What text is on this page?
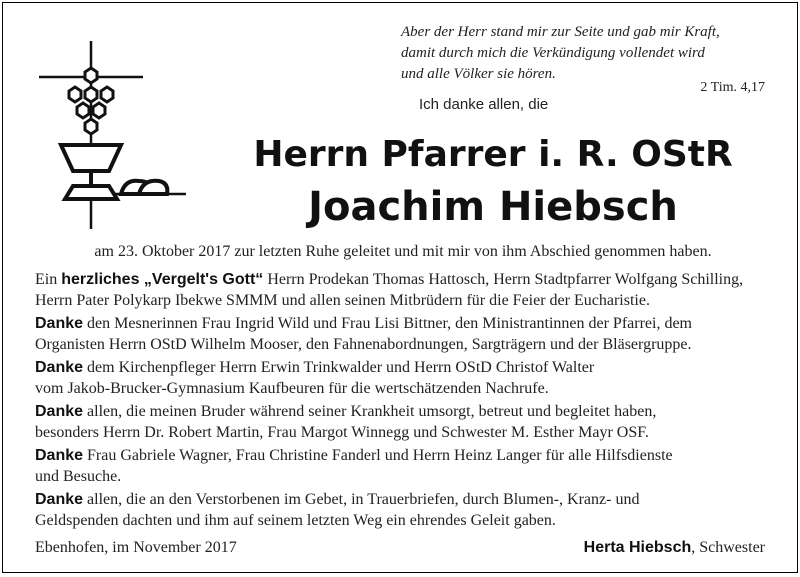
Aber der Herr stand mir zur Seite und gab mir Kraft,
damit durch mich die Verkündigung vollendet wird
und alle Völker sie hören.
2 Tim. 4,17
Ich danke allen, die
Herrn Pfarrer i. R. OStR
Joachim Hiebsch
am 23. Oktober 2017 zur letzten Ruhe geleitet und mit mir von ihm Abschied genommen haben.
Ein herzliches „Vergelt's Gott“ Herrn Prodekan Thomas Hattosch, Herrn Stadtpfarrer Wolfgang Schilling,
Herrn Pater Polykarp Ibekwe SMMM und allen seinen Mitbrüdern für die Feier der Eucharistie.
Danke den Mesnerinnen Frau Ingrid Wild und Frau Lisi Bittner, den Ministrantinnen der Pfarrei, dem
Organisten Herrn OStD Wilhelm Mooser, den Fahnenabordnungen, Sargträgern und der Bläsergruppe.
Danke dem Kirchenpfleger Herrn Erwin Trinkwalder und Herrn OStD Christof Walter
vom Jakob-Brucker-Gymnasium Kaufbeuren für die wertschätzenden Nachrufe.
Danke allen, die meinen Bruder während seiner Krankheit umsorgt, betreut und begleitet haben,
besonders Herrn Dr. Robert Martin, Frau Margot Winnegg und Schwester M. Esther Mayr OSF.
Danke Frau Gabriele Wagner, Frau Christine Fanderl und Herrn Heinz Langer für alle Hilfsdienste
und Besuche.
Danke allen, die an den Verstorbenen im Gebet, in Trauerbriefen, durch Blumen-, Kranz- und
Geldspenden dachten und ihm auf seinem letzten Weg ein ehrendes Geleit gaben.
Ebenhofen, im November 2017	Herta Hiebsch, Schwester
